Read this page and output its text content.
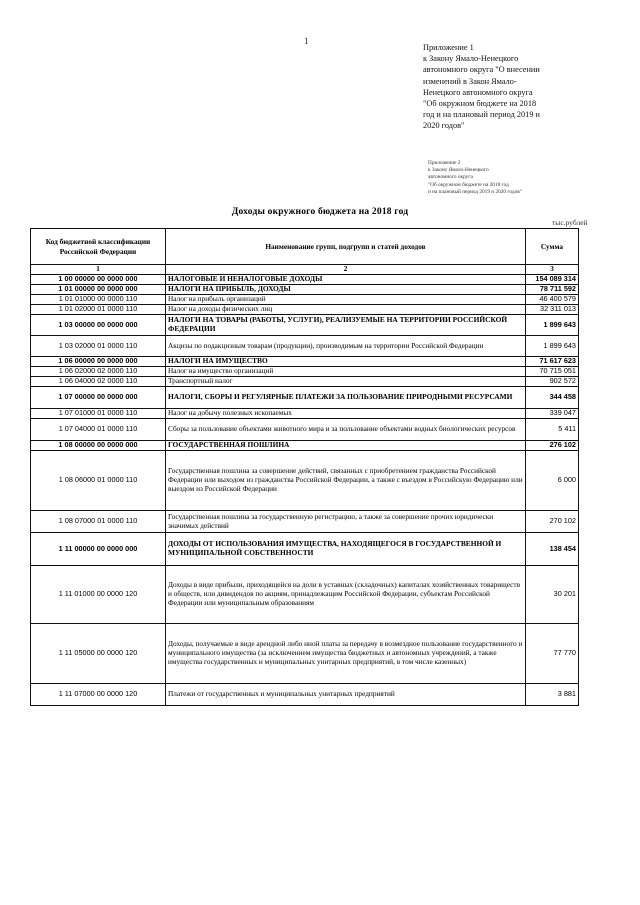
1
Приложение 1
к Закону Ямало-Ненецкого
автономного округа "О внесении
изменений в Закон Ямало-
Ненецкого автономного округа
"Об окружном бюджете на 2018
год и на плановый период 2019 и
2020 годов"
Приложение 2
к Закону Ямало-Ненецкого
автономного округа
"Об окружном бюджете на 2018 год
и на плановый период 2019 и 2020 годов"
Доходы окружного бюджета на 2018 год
тыс.рублей
Код бюджетной классификации Российской Федерации	Наименование групп, подгрупп и статей доходов	Сумма
1	2	3
1 00 00000 00 0000 000	НАЛОГОВЫЕ И НЕНАЛОГОВЫЕ ДОХОДЫ	154 089 314
1 01 00000 00 0000 000	НАЛОГИ НА ПРИБЫЛЬ, ДОХОДЫ	78 711 592
1 01 01000 00 0000 110	Налог на прибыль организаций	46 400 579
1 01 02000 01 0000 110	Налог на доходы физических лиц	32 311 013
1 03 00000 00 0000 000	НАЛОГИ НА ТОВАРЫ (РАБОТЫ, УСЛУГИ), РЕАЛИЗУЕМЫЕ НА ТЕРРИТОРИИ РОССИЙСКОЙ ФЕДЕРАЦИИ	1 899 643
1 03 02000 01 0000 110	Акцизы по подакцизным товарам (продукции), производимым на территории Российской Федерации	1 899 643
1 06 00000 00 0000 000	НАЛОГИ НА ИМУЩЕСТВО	71 617 623
1 06 02000 02 0000 110	Налог на имущество организаций	70 715 051
1 06 04000 02 0000 110	Транспортный налог	902 572
1 07 00000 00 0000 000	НАЛОГИ, СБОРЫ И РЕГУЛЯРНЫЕ ПЛАТЕЖИ ЗА ПОЛЬЗОВАНИЕ ПРИРОДНЫМИ РЕСУРСАМИ	344 458
1 07 01000 01 0000 110	Налог на добычу полезных ископаемых	339 047
1 07 04000 01 0000 110	Сборы за пользование объектами животного мира и за пользование объектами водных биологических ресурсов	5 411
1 08 00000 00 0000 000	ГОСУДАРСТВЕННАЯ ПОШЛИНА	276 102
1 08 06000 01 0000 110	Государственная пошлина за совершение действий, связанных с приобретением гражданства Российской Федерации или выходом из гражданства Российской Федерации, а также с въездом в Российскую Федерацию или выездом из Российской Федерации	6 000
1 08 07000 01 0000 110	Государственная пошлина за государственную регистрацию, а также за совершение прочих юридически значимых действий	270 102
1 11 00000 00 0000 000	ДОХОДЫ ОТ ИСПОЛЬЗОВАНИЯ ИМУЩЕСТВА, НАХОДЯЩЕГОСЯ В ГОСУДАРСТВЕННОЙ И МУНИЦИПАЛЬНОЙ СОБСТВЕННОСТИ	138 454
1 11 01000 00 0000 120	Доходы в виде прибыли, приходящейся на доли в уставных (складочных) капиталах хозяйственных товариществ и обществ, или дивидендов по акциям, принадлежащим Российской Федерации, субъектам Российской Федерации или муниципальным образованиям	30 201
1 11 05000 00 0000 120	Доходы, получаемые в виде арендной либо иной платы за передачу в возмездное пользование государственного и муниципального имущества (за исключением имущества бюджетных и автономных учреждений, а также имущества государственных и муниципальных унитарных предприятий, в том числе казенных)	77 770
1 11 07000 00 0000 120	Платежи от государственных и муниципальных унитарных предприятий	3 881
